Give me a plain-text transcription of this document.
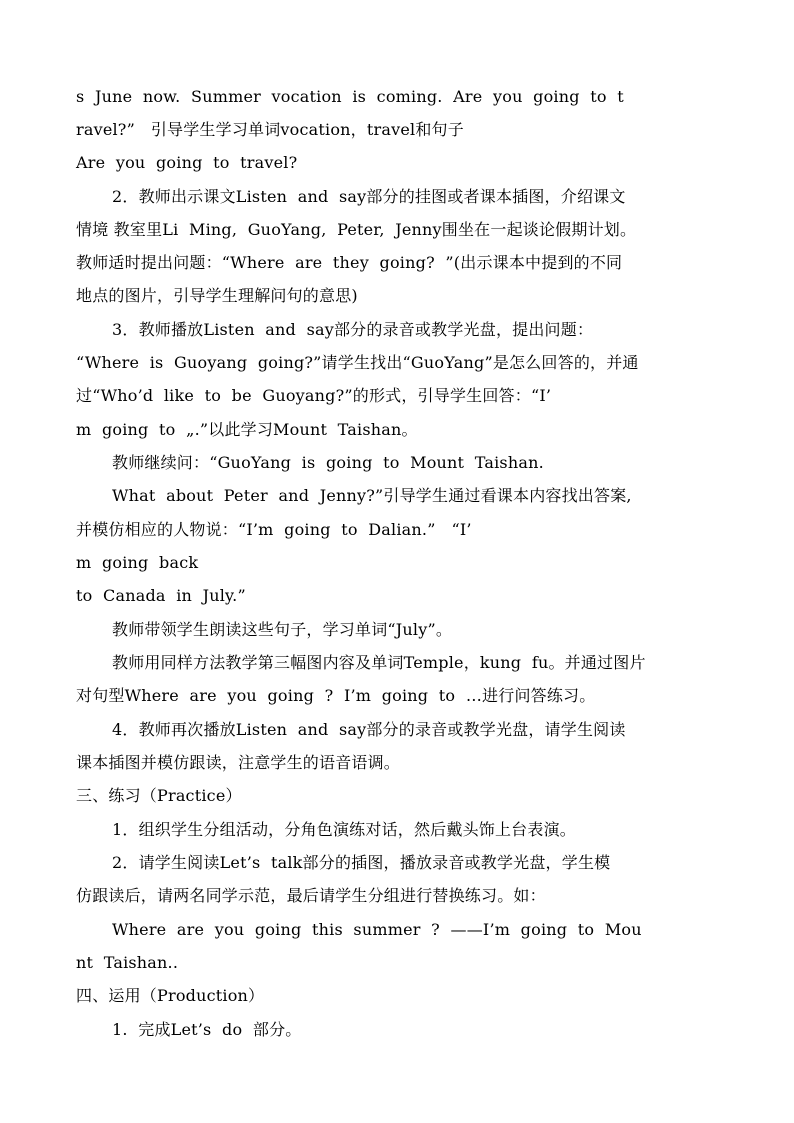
s  June  now.  Summer  vocation  is  coming.  Are  you  going  to  t
ravel?”   引导学生学习单词vocation，travel和句子
Are  you  going  to  travel?
2．教师出示课文Listen  and  say部分的挂图或者课本插图，介绍课文
情境 教室里Li  Ming,  GuoYang,  Peter,  Jenny围坐在一起谈论假期计划。
教师适时提出问题：“Where  are  they  going?  ”(出示课本中提到的不同
地点的图片，引导学生理解问句的意思)
3．教师播放Listen  and  say部分的录音或教学光盘，提出问题：
“Where  is  Guoyang  going?”请学生找出“GuoYang”是怎么回答的，并通
过“Who’d  like  to  be  Guoyang?”的形式，引导学生回答：“I’
m  going  to  „.”以此学习Mount  Taishan。
教师继续问：“GuoYang  is  going  to  Mount  Taishan.
What  about  Peter  and  Jenny?”引导学生通过看课本内容找出答案,
并模仿相应的人物说：“I’m  going  to  Dalian.”   “I’
m  going  back
to  Canada  in  July.”
教师带领学生朗读这些句子，学习单词“July”。
教师用同样方法教学第三幅图内容及单词Temple，kung  fu。并通过图片
对句型Where  are  you  going  ?  I’m  going  to  …进行问答练习。
4．教师再次播放Listen  and  say部分的录音或教学光盘，请学生阅读
课本插图并模仿跟读，注意学生的语音语调。
三、练习（Practice）
1．组织学生分组活动，分角色演练对话，然后戴头饰上台表演。
2．请学生阅读Let’s  talk部分的插图，播放录音或教学光盘，学生模
仿跟读后，请两名同学示范，最后请学生分组进行替换练习。如：
Where  are  you  going  this  summer  ?  ——I’m  going  to  Mou
nt  Taishan..
四、运用（Production）
1.  完成Let’s  do  部分。
